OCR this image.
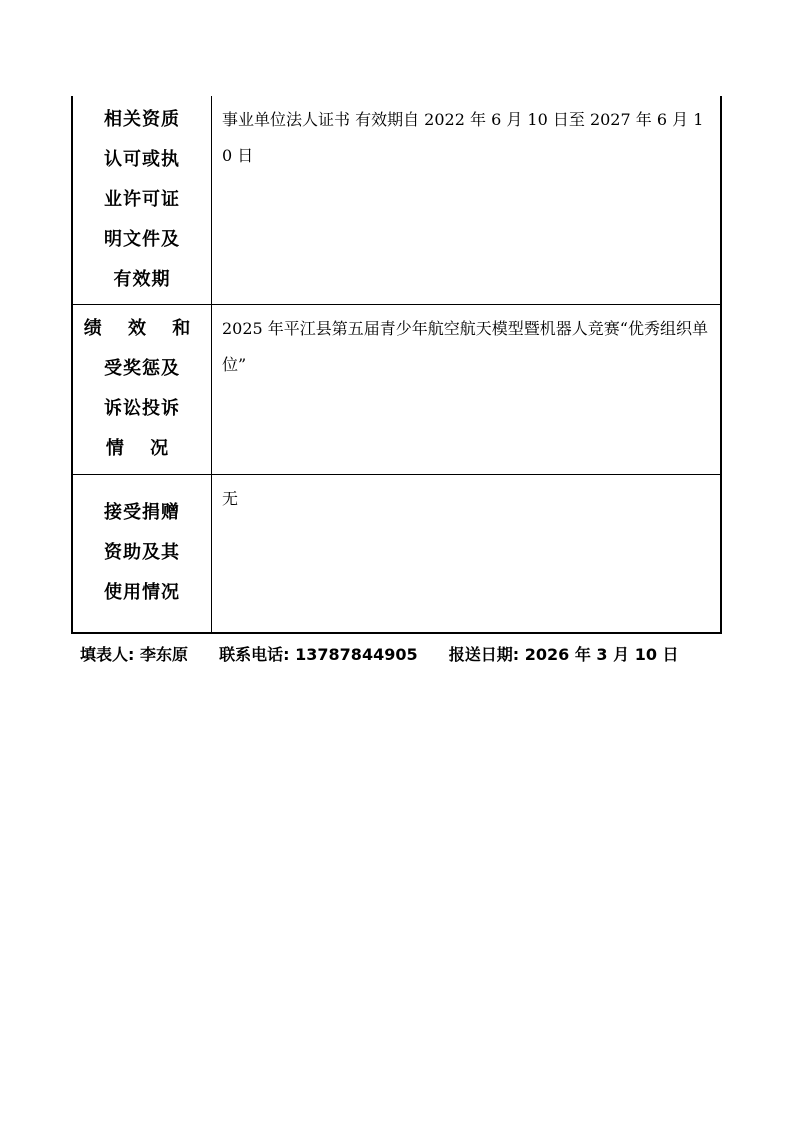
相关资质
认可或执
业许可证
明文件及
有效期	事业单位法人证书 有效期自 2022 年 6 月 10 日至 2027 年 6 月 10 日

绩 效 和
受奖惩及
诉讼投诉
情 况	2025 年平江县第五届青少年航空航天模型暨机器人竞赛“优秀组织单位”

接受捐赠
资助及其
使用情况	无
填表人: 李东原 联系电话: 13787844905 报送日期: 2026 年 3 月 10 日
